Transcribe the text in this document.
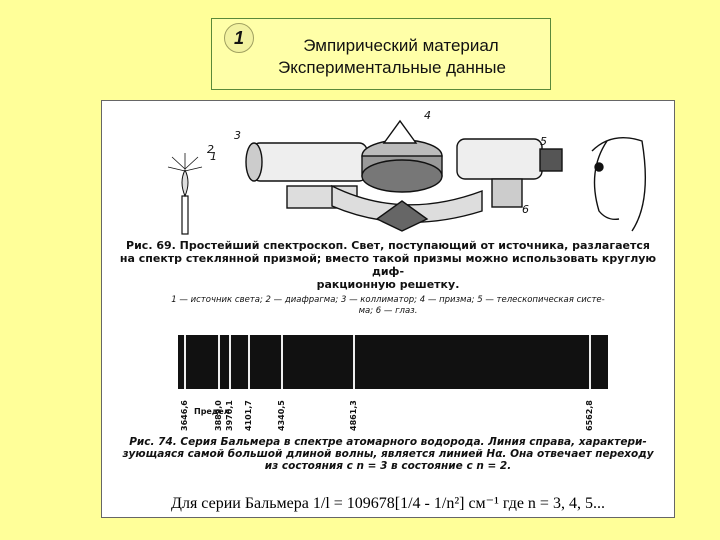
1	Эмпирический материал
Экспериментальные данные
1
2
3
4
5
6
Рис. 69. Простейший спектроскоп. Свет, поступающий от источника, разлагается
на спектр стеклянной призмой; вместо такой призмы можно использовать круглую диф-
ракционную решетку.
1 — источник света; 2 — диафрагма; 3 — коллиматор; 4 — призма; 5 — телескопическая систе-
ма; 6 — глаз.
Предел
3646,6	3889,0 3970,1 4101,7	4340,5	4861,3	6562,8
Рис. 74. Серия Бальмера в спектре атомарного водорода. Линия справа, характери-
зующаяся самой большой длиной волны, является линией Hα. Она отвечает переходу
из состояния с n = 3 в состояние с n = 2.
Для серии Бальмера 1/l = 109678[1/4 - 1/n²] см⁻¹ где n = 3, 4, 5...
